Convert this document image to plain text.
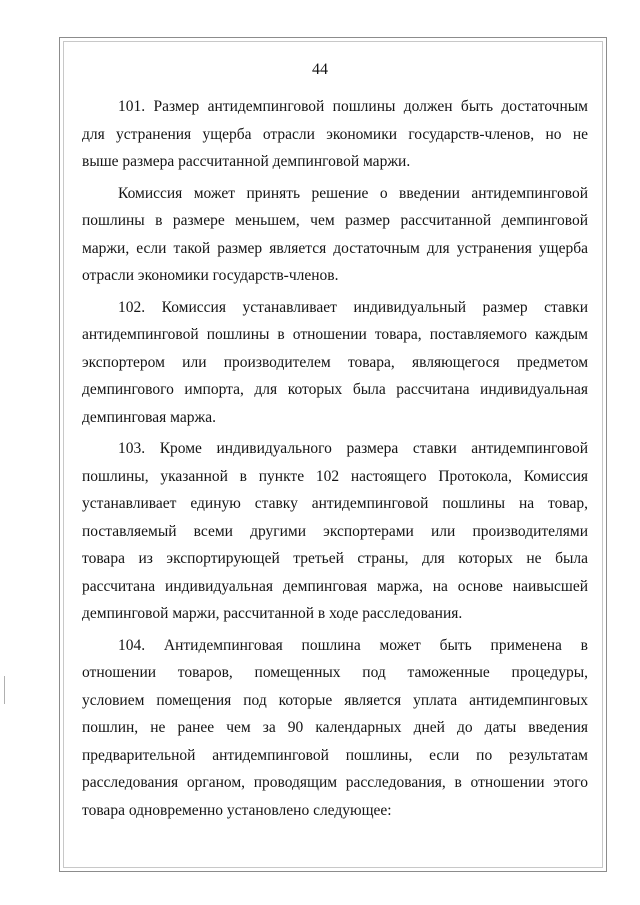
44

101. Размер антидемпинговой пошлины должен быть достаточным
для устранения ущерба отрасли экономики государств-членов, но не
выше размера рассчитанной демпинговой маржи.

Комиссия может принять решение о введении антидемпинговой
пошлины в размере меньшем, чем размер рассчитанной демпинговой
маржи, если такой размер является достаточным для устранения ущерба
отрасли экономики государств-членов.

102. Комиссия устанавливает индивидуальный размер ставки
антидемпинговой пошлины в отношении товара, поставляемого каждым
экспортером или производителем товара, являющегося предметом
демпингового импорта, для которых была рассчитана индивидуальная
демпинговая маржа.

103. Кроме индивидуального размера ставки антидемпинговой
пошлины, указанной в пункте 102 настоящего Протокола, Комиссия
устанавливает единую ставку антидемпинговой пошлины на товар,
поставляемый всеми другими экспортерами или производителями
товара из экспортирующей третьей страны, для которых не была
рассчитана индивидуальная демпинговая маржа, на основе наивысшей
демпинговой маржи, рассчитанной в ходе расследования.

104. Антидемпинговая пошлина может быть применена в
отношении товаров, помещенных под таможенные процедуры,
условием помещения под которые является уплата антидемпинговых
пошлин, не ранее чем за 90 календарных дней до даты введения
предварительной антидемпинговой пошлины, если по результатам
расследования органом, проводящим расследования, в отношении этого
товара одновременно установлено следующее:
